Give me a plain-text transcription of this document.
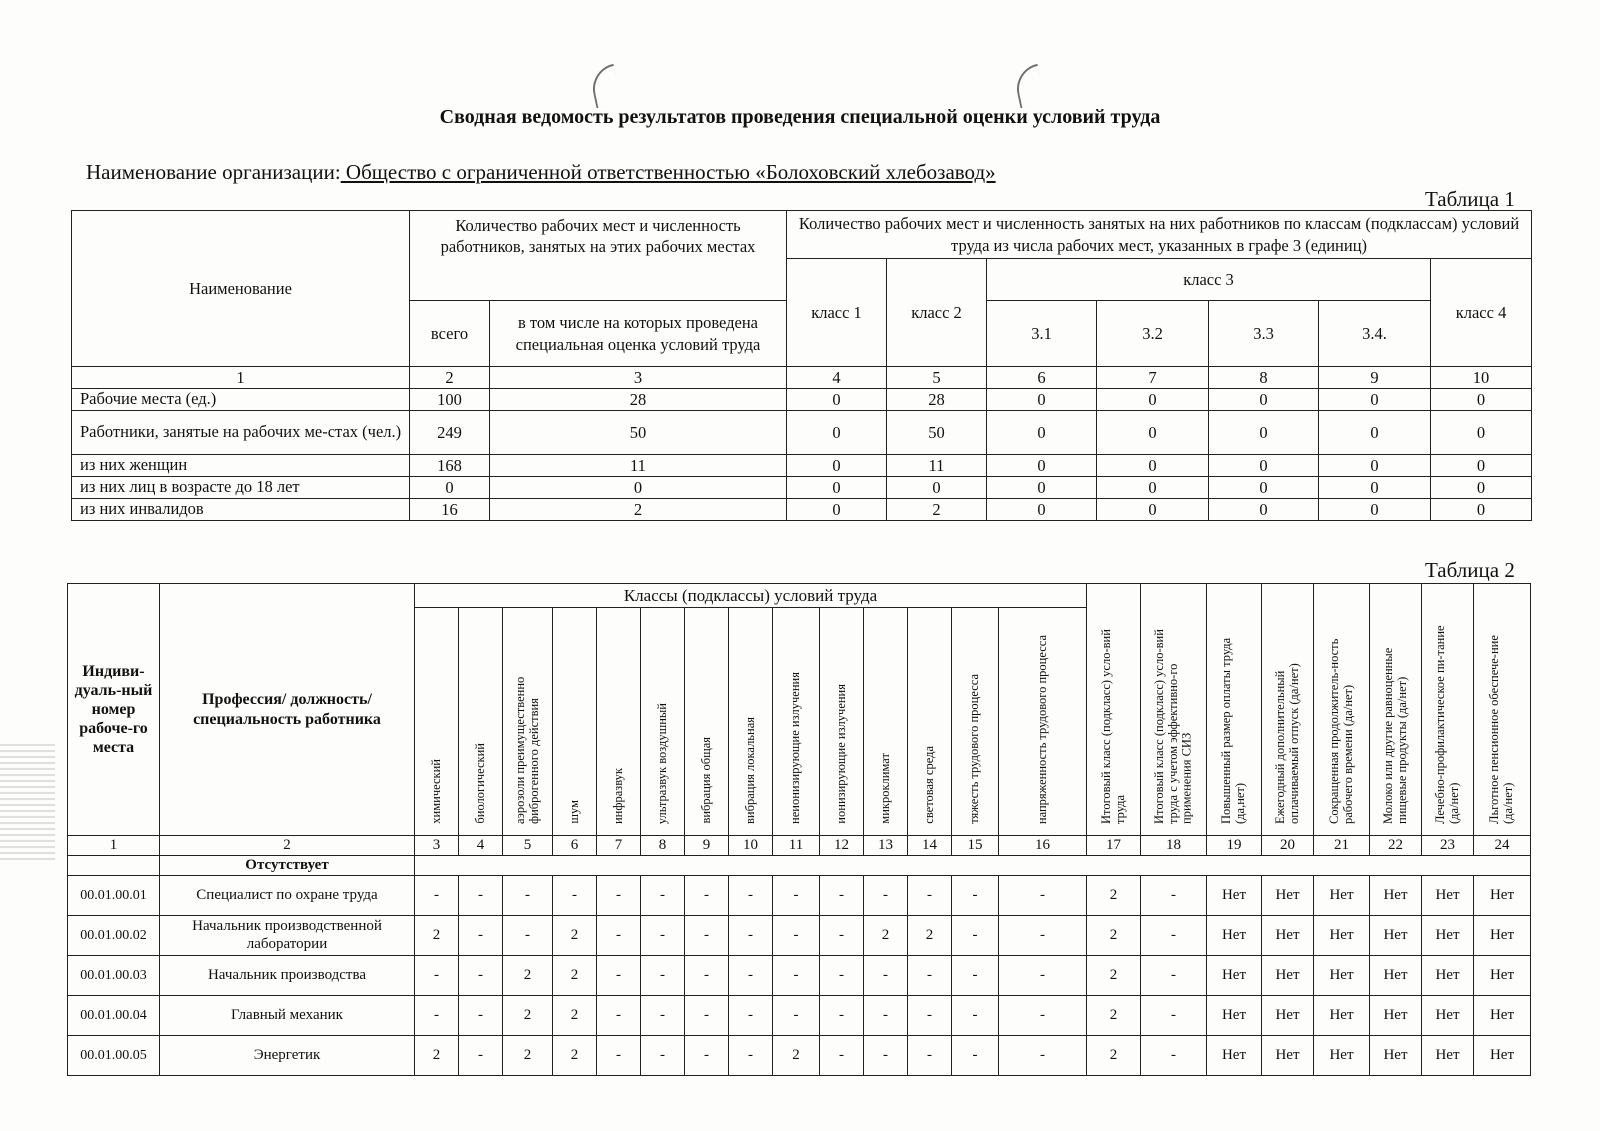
Сводная ведомость результатов проведения специальной оценки условий труда
Наименование организации: Общество с ограниченной ответственностью «Болоховский хлебозавод»
Таблица 1
Наименование	Количество рабочих мест и численность работников, занятых на этих рабочих местах		Количество рабочих мест и численность занятых на них работников по классам (подклассам) условий труда из числа рабочих мест, указанных в графе 3 (единиц)						
			класс 1	класс 2	класс 3				класс 4
	всего	в том числе на которых проведена специальная оценка условий труда			3.1	3.2	3.3	3.4.	
1	2	3	4	5	6	7	8	9	10
Рабочие места (ед.)	100	28	0	28	0	0	0	0	0
Работники, занятые на рабочих ме-стах (чел.)	249	50	0	50	0	0	0	0	0
из них женщин	168	11	0	11	0	0	0	0	0
из них лиц в возрасте до 18 лет	0	0	0	0	0	0	0	0	0
из них инвалидов	16	2	0	2	0	0	0	0	0
Таблица 2
Индиви-дуаль-ный номер рабоче-го места	Профессия/ должность/ специальность работника	Классы (подклассы) условий труда														Итоговый класс (подкласс) усло-вий труда	Итоговый класс (подкласс) усло-вий труда с учетом эффективно-го применения СИЗ	Повышенный размер оплаты труда (да,нет)	Ежегодный дополнительный оплачиваемый отпуск (да/нет)	Сокращенная продолжитель-ность рабочего времени (да/нет)	Молоко или другие равноценные пищевые продукты (да/нет)	Лечебно-профилактическое пи-тание (да/нет)	Льготное пенсионное обеспече-ние (да/нет)
		химический	биологический	аэрозоли преимущественно фиброгенного действия	шум	инфразвук	ультразвук воздушный	вибрация общая	вибрация локальная	неионизирующие излучения	ионизирующие излучения	микроклимат	световая среда	тяжесть трудового процесса	напряженность трудового процесса								
1	2	3	4	5	6	7	8	9	10	11	12	13	14	15	16	17	18	19	20	21	22	23	24
	Отсутствует																						
00.01.00.01	Специалист по охране труда	-	-	-	-	-	-	-	-	-	-	-	-	-	-	2	-	Нет	Нет	Нет	Нет	Нет	Нет
00.01.00.02	Начальник производственной лаборатории	2	-	-	2	-	-	-	-	-	-	2	2	-	-	2	-	Нет	Нет	Нет	Нет	Нет	Нет
00.01.00.03	Начальник производства	-	-	2	2	-	-	-	-	-	-	-	-	-	-	2	-	Нет	Нет	Нет	Нет	Нет	Нет
00.01.00.04	Главный механик	-	-	2	2	-	-	-	-	-	-	-	-	-	-	2	-	Нет	Нет	Нет	Нет	Нет	Нет
00.01.00.05	Энергетик	2	-	2	2	-	-	-	-	2	-	-	-	-	-	2	-	Нет	Нет	Нет	Нет	Нет	Нет
